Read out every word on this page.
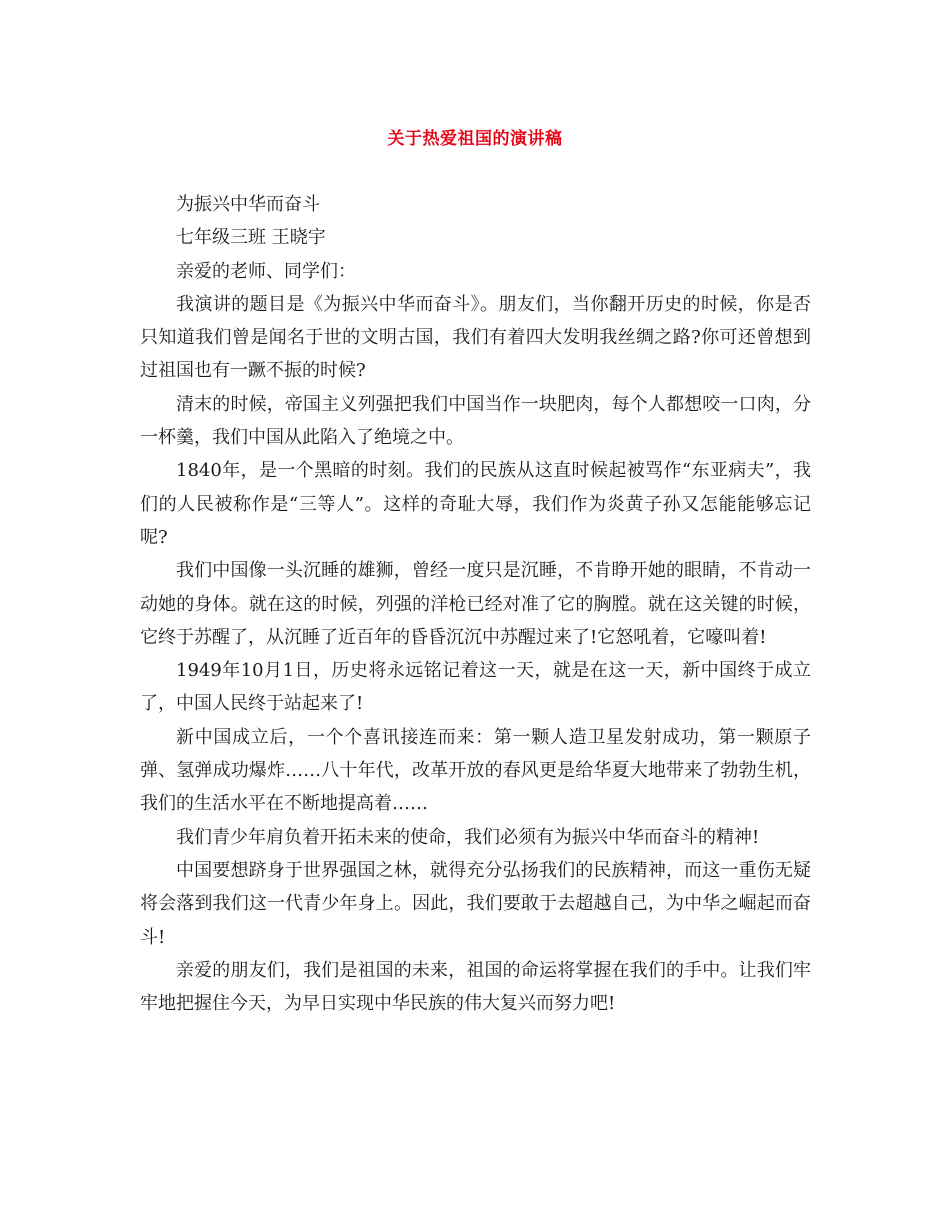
关于热爱祖国的演讲稿

为振兴中华而奋斗

七年级三班 王晓宇

亲爱的老师、同学们：

我演讲的题目是《为振兴中华而奋斗》。朋友们，当你翻开历史的时候，你是否只知道我们曾是闻名于世的文明古国，我们有着四大发明我丝绸之路?你可还曾想到过祖国也有一蹶不振的时候?

清末的时候，帝国主义列强把我们中国当作一块肥肉，每个人都想咬一口肉，分一杯羹，我们中国从此陷入了绝境之中。

1840年，是一个黑暗的时刻。我们的民族从这直时候起被骂作“东亚病夫”，我们的人民被称作是“三等人”。这样的奇耻大辱，我们作为炎黄子孙又怎能能够忘记呢?

我们中国像一头沉睡的雄狮，曾经一度只是沉睡，不肯睁开她的眼睛，不肯动一动她的身体。就在这的时候，列强的洋枪已经对准了它的胸膛。就在这关键的时候，它终于苏醒了，从沉睡了近百年的昏昏沉沉中苏醒过来了!它怒吼着，它嚎叫着!

1949年10月1日，历史将永远铭记着这一天，就是在这一天，新中国终于成立了，中国人民终于站起来了!

新中国成立后，一个个喜讯接连而来：第一颗人造卫星发射成功，第一颗原子弹、氢弹成功爆炸……八十年代，改革开放的春风更是给华夏大地带来了勃勃生机，我们的生活水平在不断地提高着……

我们青少年肩负着开拓未来的使命，我们必须有为振兴中华而奋斗的精神!

中国要想跻身于世界强国之林，就得充分弘扬我们的民族精神，而这一重伤无疑将会落到我们这一代青少年身上。因此，我们要敢于去超越自己，为中华之崛起而奋斗!

亲爱的朋友们，我们是祖国的未来，祖国的命运将掌握在我们的手中。让我们牢牢地把握住今天，为早日实现中华民族的伟大复兴而努力吧!
